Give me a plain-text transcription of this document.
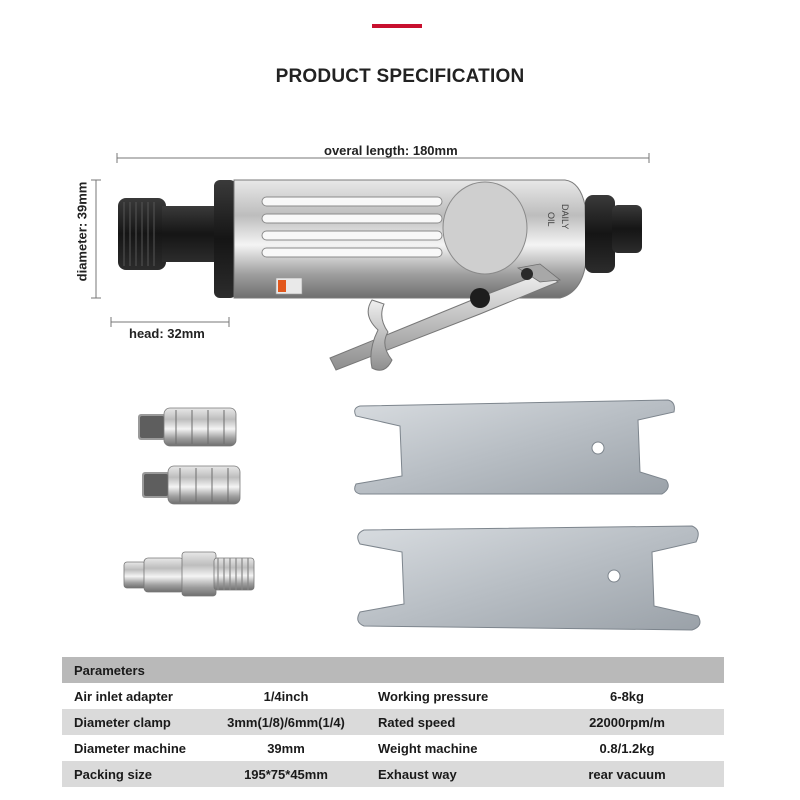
PRODUCT SPECIFICATION
overal length: 180mm
diameter: 39mm
head: 32mm
OIL DAILY
Parameters			
Air inlet adapter	1/4inch	Working pressure	6-8kg
Diameter clamp	3mm(1/8)/6mm(1/4)	Rated speed	22000rpm/m
Diameter machine	39mm	Weight machine	0.8/1.2kg
Packing size	195*75*45mm	Exhaust way	rear vacuum
